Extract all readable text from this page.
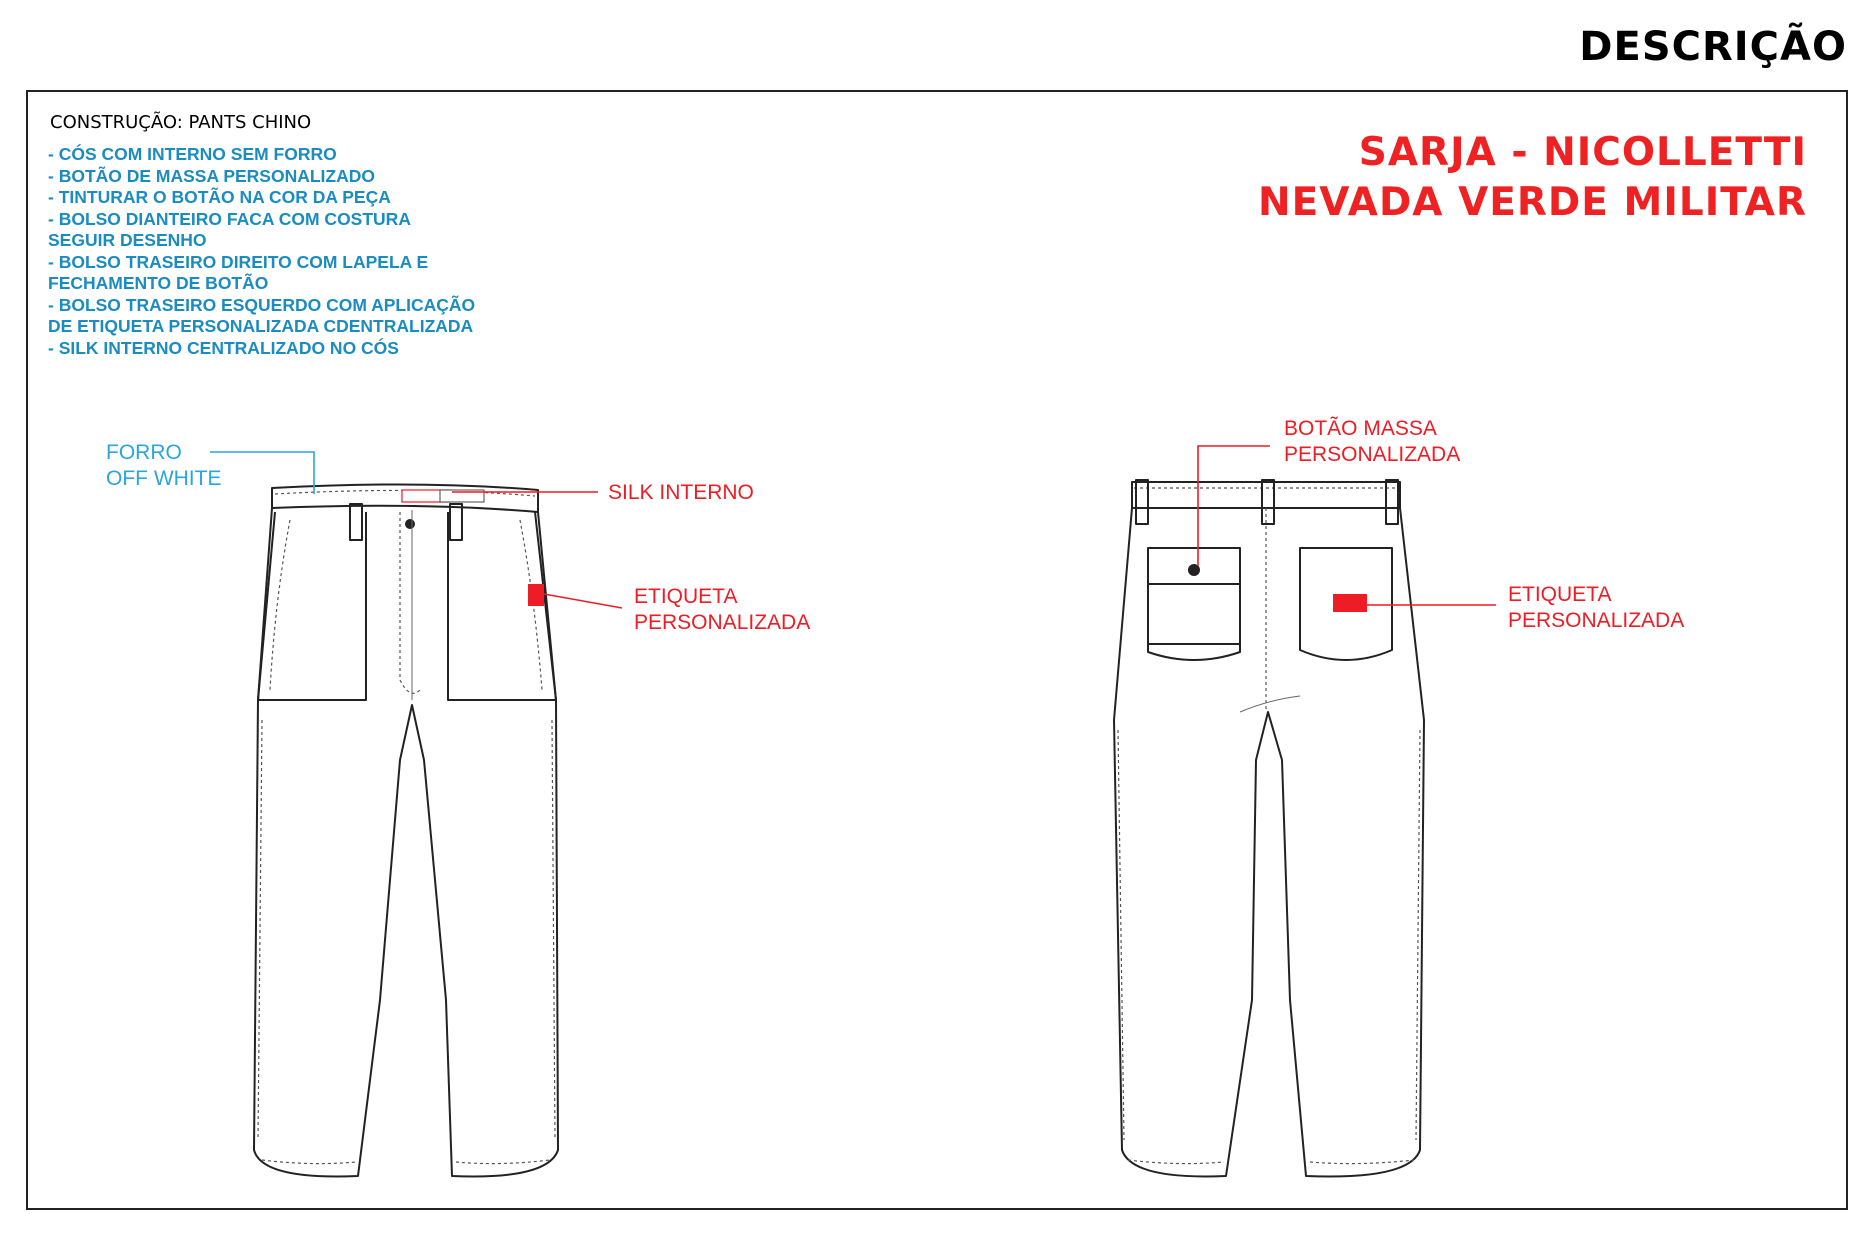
DESCRIÇÃO
CONSTRUÇÃO: PANTS CHINO
- CÓS COM INTERNO SEM FORRO
- BOTÃO DE MASSA PERSONALIZADO
- TINTURAR O BOTÃO NA COR DA PEÇA
- BOLSO DIANTEIRO FACA COM COSTURA
SEGUIR DESENHO
- BOLSO TRASEIRO DIREITO COM LAPELA E
FECHAMENTO DE BOTÃO
- BOLSO TRASEIRO ESQUERDO COM APLICAÇÃO
DE ETIQUETA PERSONALIZADA CDENTRALIZADA
- SILK INTERNO CENTRALIZADO NO CÓS
SARJA - NICOLLETTI
NEVADA VERDE MILITAR
FORRO
OFF WHITE
SILK INTERNO
ETIQUETA
PERSONALIZADA
BOTÃO MASSA
PERSONALIZADA
ETIQUETA
PERSONALIZADA
